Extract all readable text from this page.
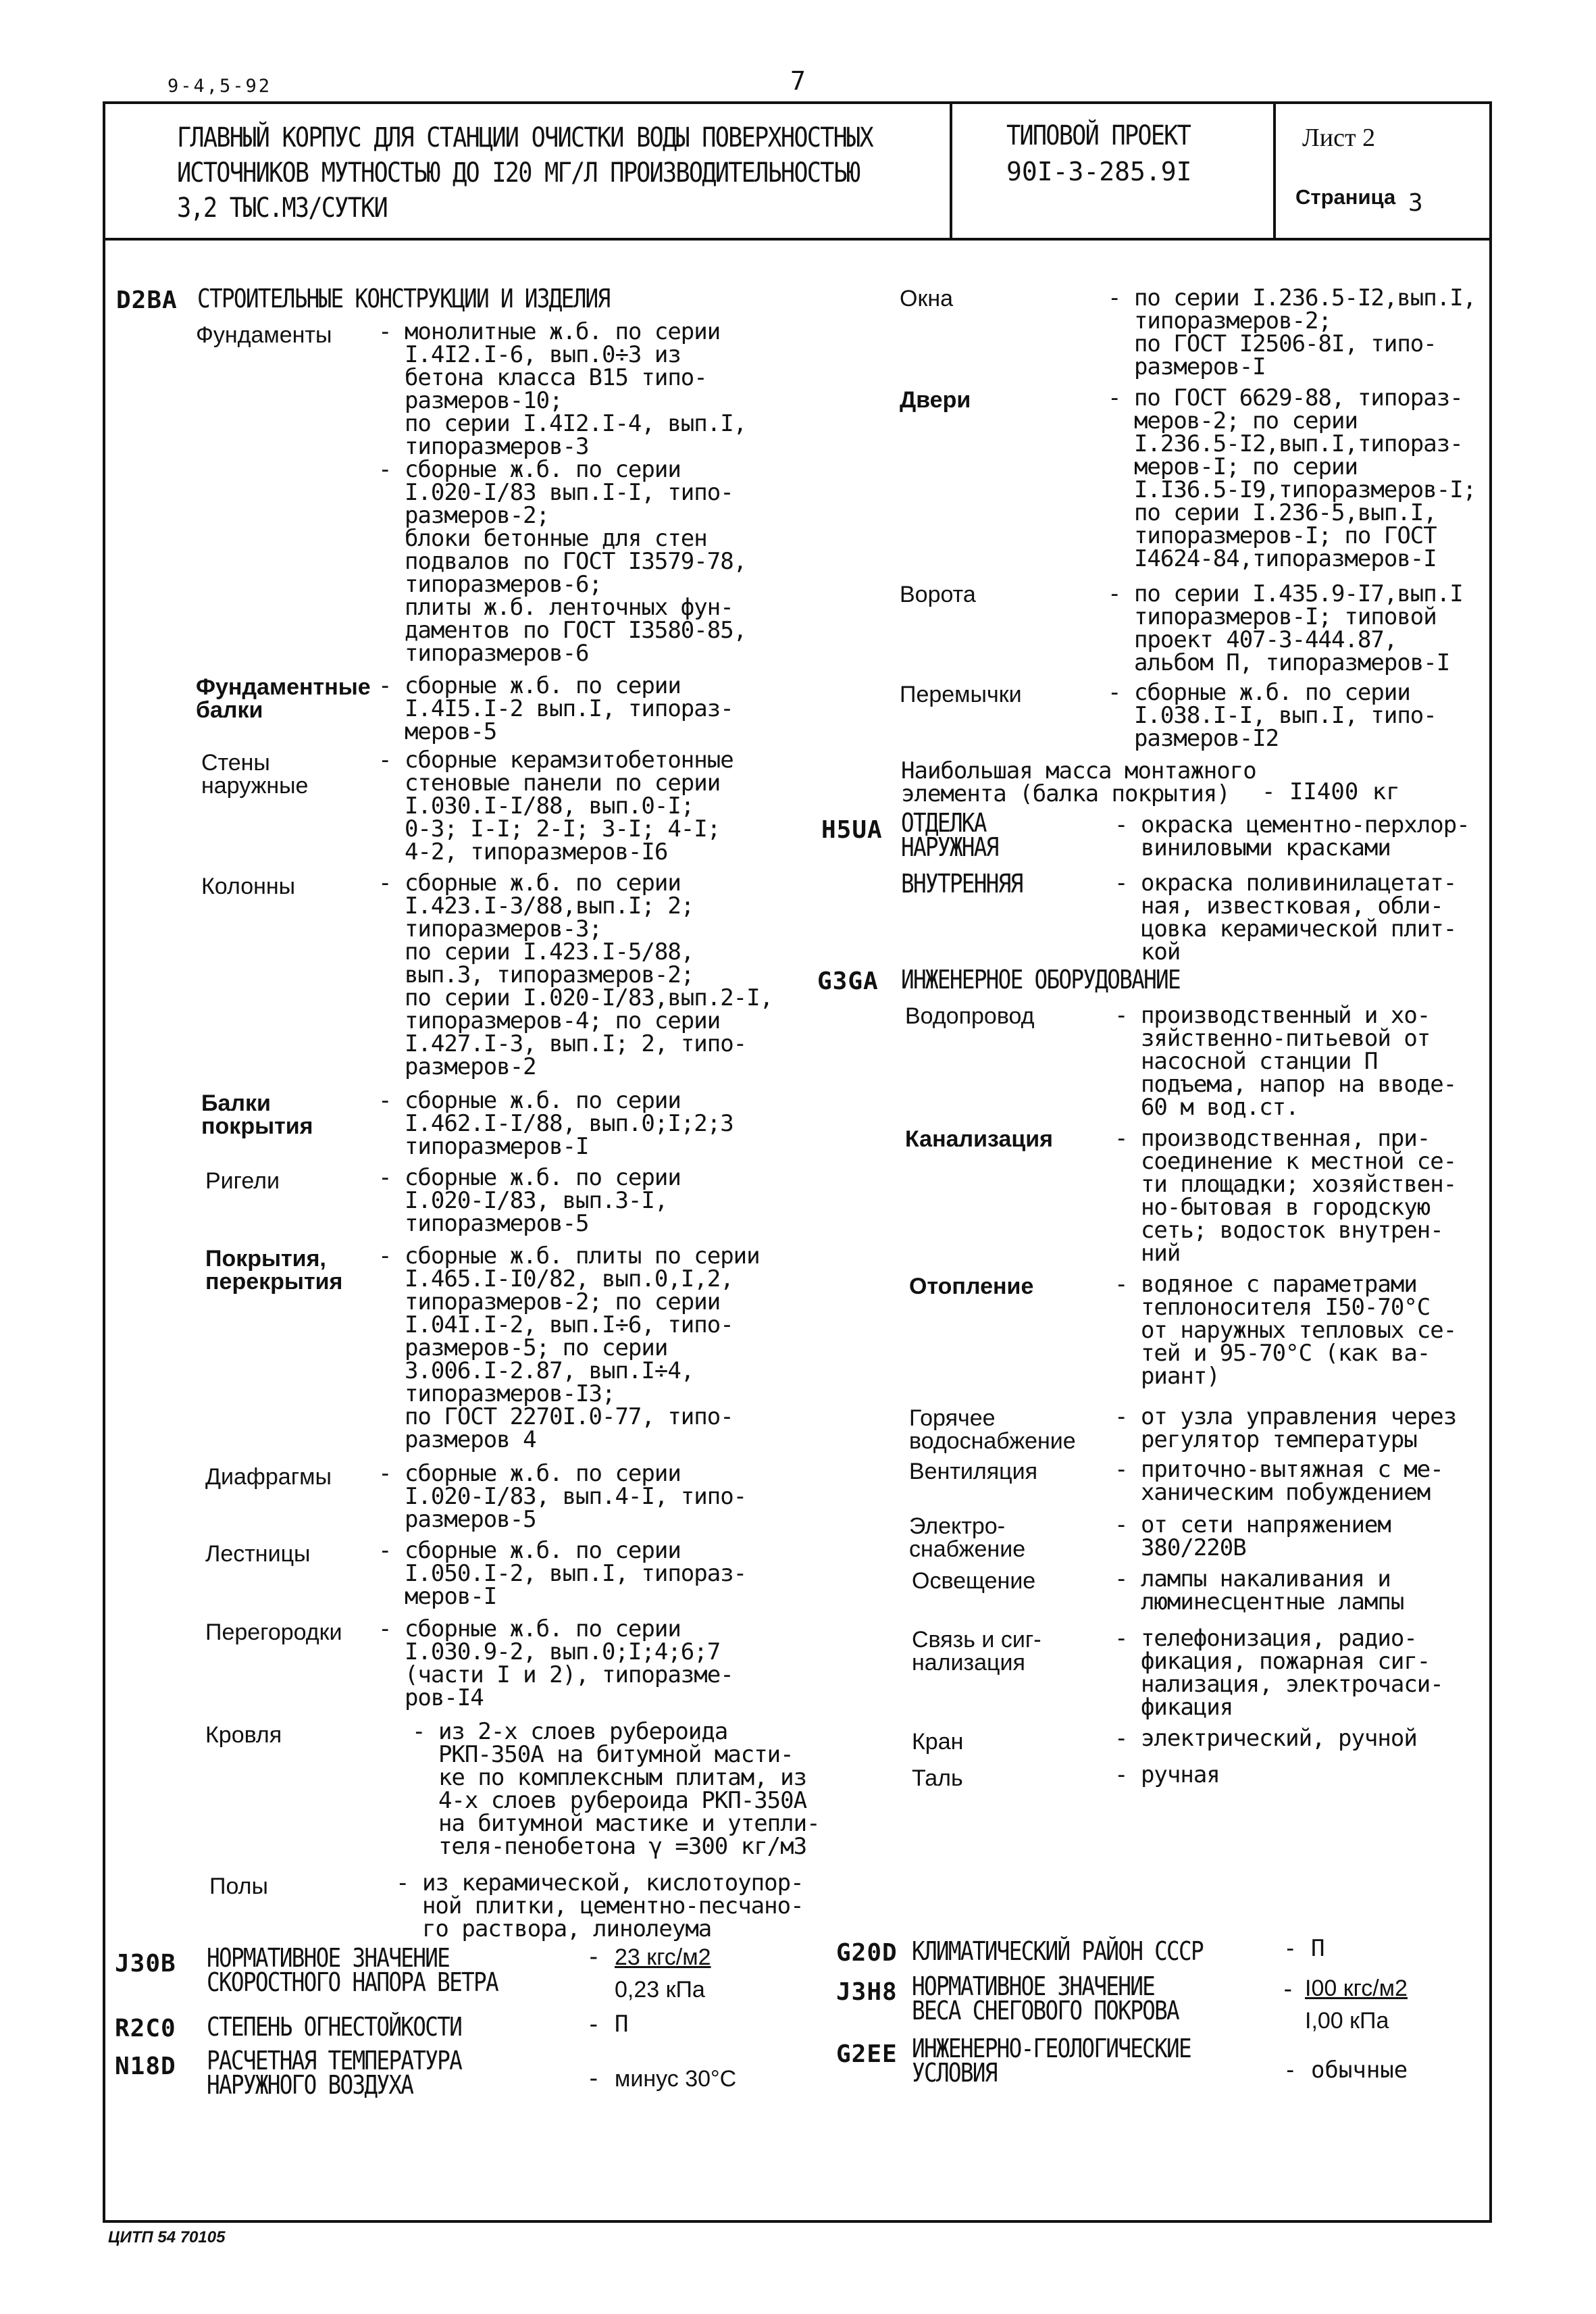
9-4,5-92	7
ГЛАВНЫЙ КОРПУС ДЛЯ СТАНЦИИ ОЧИСТКИ ВОДЫ ПОВЕРХНОСТНЫХ
ИСТОЧНИКОВ МУТНОСТЬЮ ДО I20 МГ/Л ПРОИЗВОДИТЕЛЬНОСТЬЮ
3,2 ТЫС.М3/СУТКИ
ТИПОВОЙ ПРОЕКТ
90I-3-285.9I
Лист 2
Страница 3
D2BA СТРОИТЕЛЬНЫЕ КОНСТРУКЦИИ И ИЗДЕЛИЯ
Фундаменты - монолитные ж.б. по серии
I.4I2.I-6, вып.0÷3 из
бетона класса В15 типо-
размеров-10;
по серии I.4I2.I-4, вып.I,
типоразмеров-3
- сборные ж.б. по серии
I.020-I/83 вып.I-I, типо-
размеров-2;
блоки бетонные для стен
подвалов по ГОСТ I3579-78,
типоразмеров-6;
плиты ж.б. ленточных фун-
даментов по ГОСТ I3580-85,
типоразмеров-6
Фундаментные
балки
- сборные ж.б. по серии
I.4I5.I-2 вып.I, типораз-
меров-5
Стены
наружные
- сборные керамзитобетонные
стеновые панели по серии
I.030.I-I/88, вып.0-I;
0-3; I-I; 2-I; 3-I; 4-I;
4-2, типоразмеров-I6
Колонны	- сборные ж.б. по серии
I.423.I-3/88,вып.I; 2;
типоразмеров-3;
по серии I.423.I-5/88,
вып.3, типоразмеров-2;
по серии I.020-I/83,вып.2-I,
типоразмеров-4; по серии
I.427.I-3, вып.I; 2, типо-
размеров-2
Балки
покрытия
- сборные ж.б. по серии
I.462.I-I/88, вып.0;I;2;3
типоразмеров-I
Ригели	- сборные ж.б. по серии
I.020-I/83, вып.3-I,
типоразмеров-5
Покрытия,
перекрытия
- сборные ж.б. плиты по серии
I.465.I-I0/82, вып.0,I,2,
типоразмеров-2; по серии
I.04I.I-2, вып.I÷6, типо-
размеров-5; по серии
3.006.I-2.87, вып.I÷4,
типоразмеров-I3;
по ГОСТ 2270I.0-77, типо-
размеров 4
Диафрагмы - сборные ж.б. по серии
I.020-I/83, вып.4-I, типо-
размеров-5
Лестницы	- сборные ж.б. по серии
I.050.I-2, вып.I, типораз-
меров-I
Перегородки - сборные ж.б. по серии
I.030.9-2, вып.0;I;4;6;7
(части I и 2), типоразме-
ров-I4
Кровля	- из 2-х слоев рубероида
РКП-350А на битумной масти-
ке по комплексным плитам, из
4-х слоев рубероида РКП-350А
на битумной мастике и утепли-
теля-пенобетона γ =300 кг/м3
Полы	- из керамической, кислотоупор-
ной плитки, цементно-песчано-
го раствора, линолеума
J30B НОРМАТИВНОЕ ЗНАЧЕНИЕ
СКОРОСТНОГО НАПОРА ВЕТРА
- 23 кгс/м2
0,23 кПа
R2C0 СТЕПЕНЬ ОГНЕСТОЙКОСТИ	- П
N18D РАСЧЕТНАЯ ТЕМПЕРАТУРА
НАРУЖНОГО ВОЗДУХА	- минус 30°С
Окна	- по серии I.236.5-I2,вып.I,
типоразмеров-2;
по ГОСТ I2506-8I, типо-
размеров-I
Двери	- по ГОСТ 6629-88, типораз-
меров-2; по серии
I.236.5-I2,вып.I,типораз-
меров-I; по серии
I.I36.5-I9,типоразмеров-I;
по серии I.236-5,вып.I,
типоразмеров-I; по ГОСТ
I4624-84,типоразмеров-I
Ворота	- по серии I.435.9-I7,вып.I
типоразмеров-I; типовой
проект 407-3-444.87,
альбом П, типоразмеров-I
Перемычки	- сборные ж.б. по серии
I.038.I-I, вып.I, типо-
размеров-I2
Наибольшая масса монтажного
элемента (балка покрытия)	- II400 кг
H5UA ОТДЕЛКА
НАРУЖНАЯ
- окраска цементно-перхлор-
виниловыми красками
ВНУТРЕННЯЯ	- окраска поливинилацетат-
ная, известковая, обли-
цовка керамической плит-
кой
G3GA ИНЖЕНЕРНОЕ ОБОРУДОВАНИЕ
Водопровод	- производственный и хо-
зяйственно-питьевой от
насосной станции П
подъема, напор на вводе-
60 м вод.ст.
Канализация	- производственная, при-
соединение к местной се-
ти площадки; хозяйствен-
но-бытовая в городскую
сеть; водосток внутрен-
ний
Отопление	- водяное с параметрами
теплоносителя I50-70°С
от наружных тепловых се-
тей и 95-70°С (как ва-
риант)
Горячее
водоснабжение
- от узла управления через
регулятор температуры
Вентиляция	- приточно-вытяжная с ме-
ханическим побуждением
Электро-
снабжение
- от сети напряжением
380/220В
Освещение	- лампы накаливания и
люминесцентные лампы
Связь и сиг-
нализация
- телефонизация, радио-
фикация, пожарная сиг-
нализация, электрочаси-
фикация
Кран	- электрический, ручной
Таль	- ручная
G20D КЛИМАТИЧЕСКИЙ РАЙОН СССР	- П
J3H8 НОРМАТИВНОЕ ЗНАЧЕНИЕ
ВЕСА СНЕГОВОГО ПОКРОВА
- I00 кгс/м2
I,00 кПа
G2EE ИНЖЕНЕРНО-ГЕОЛОГИЧЕСКИЕ
УСЛОВИЯ	- обычные
ЦИТП 54 70105
